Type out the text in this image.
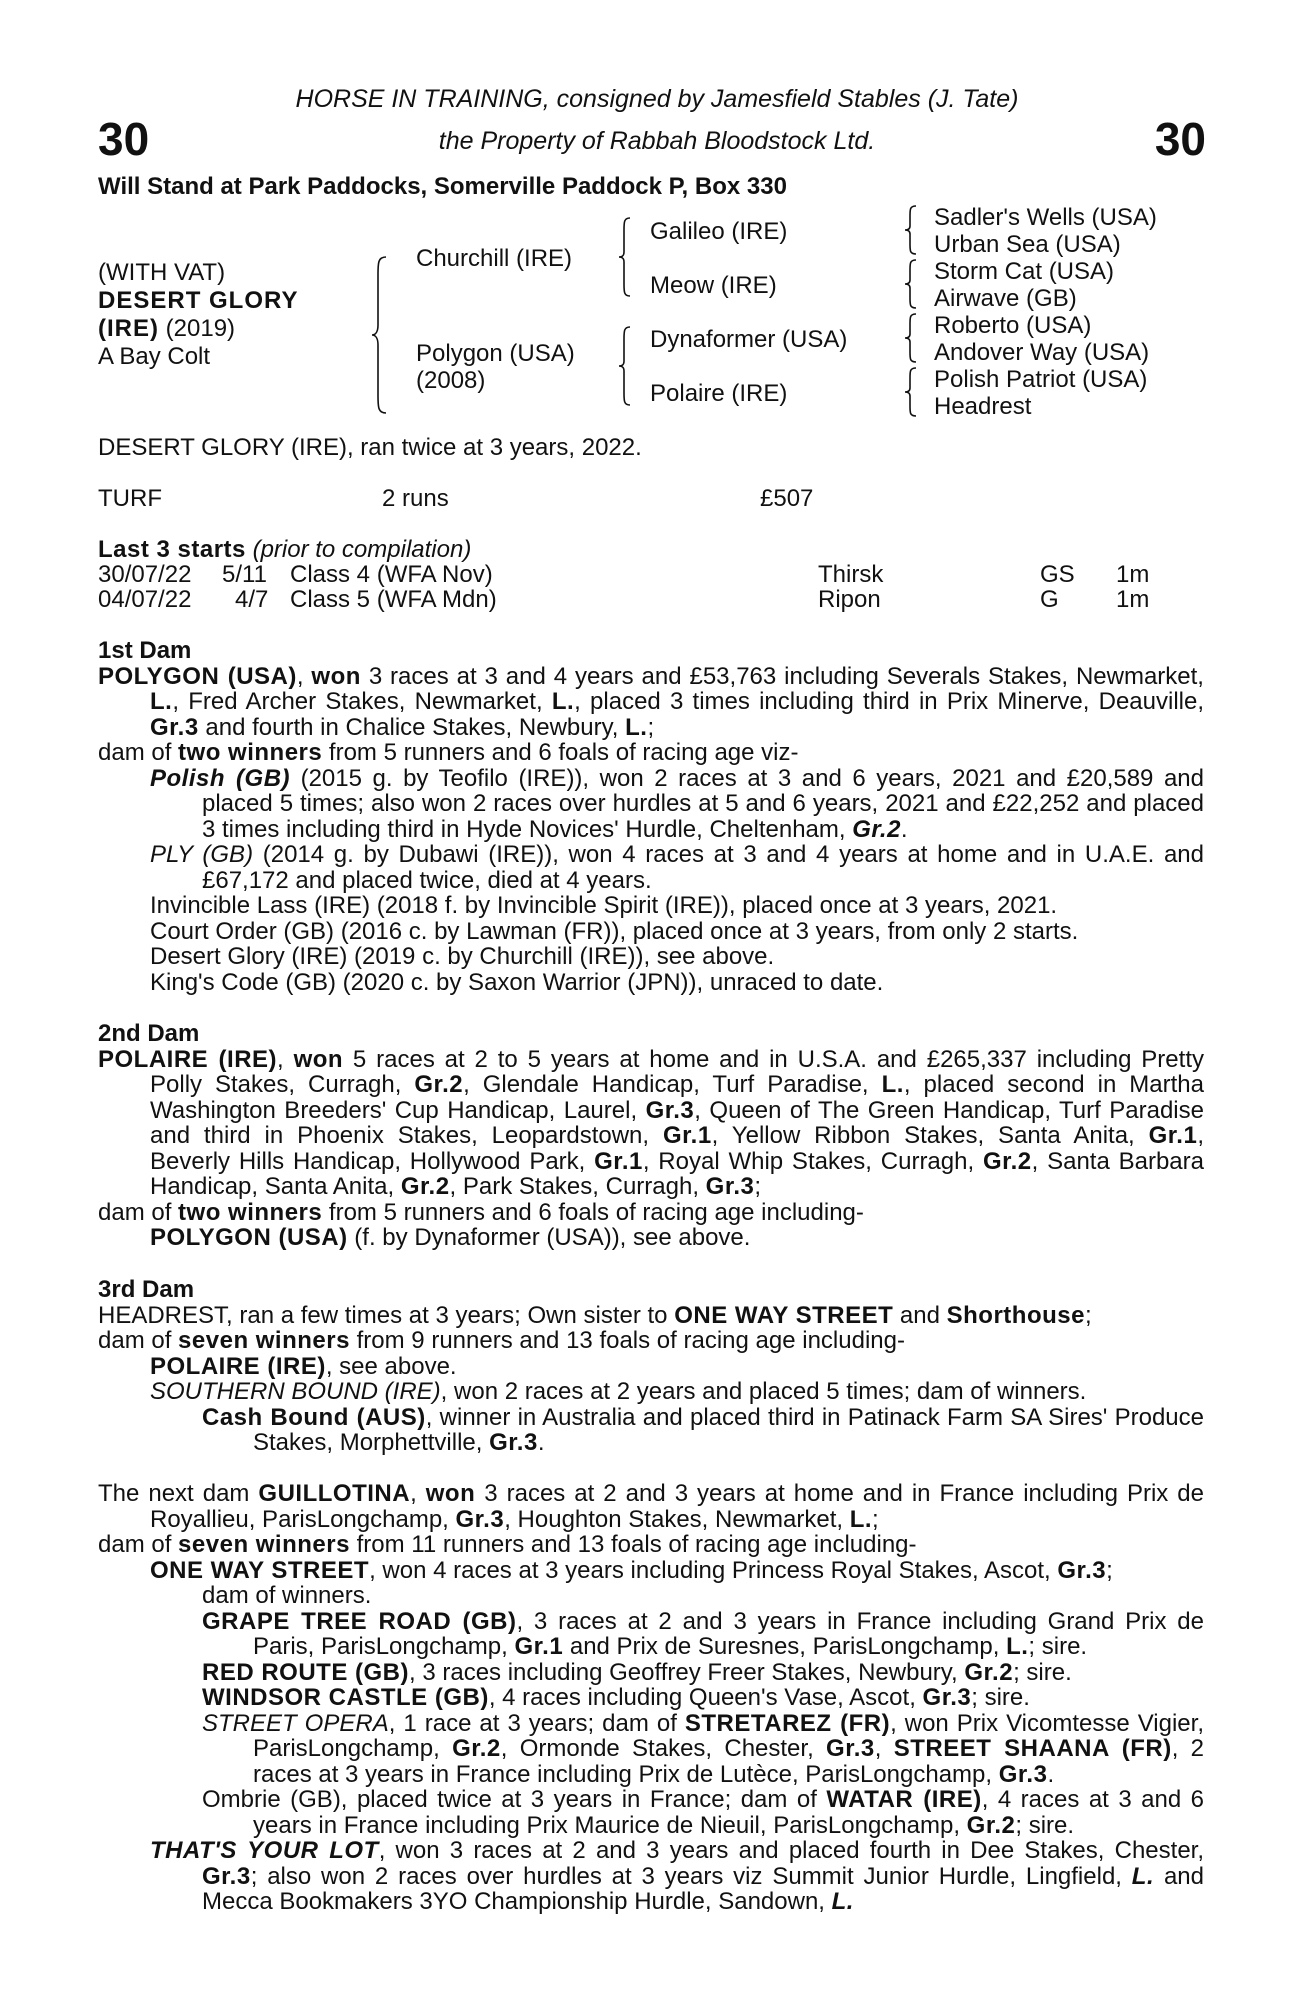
30	30
HORSE IN TRAINING, consigned by Jamesfield Stables (J. Tate)
the Property of Rabbah Bloodstock Ltd.
Will Stand at Park Paddocks, Somerville Paddock P, Box 330
(WITH VAT)
DESERT GLORY
(IRE) (2019)
A Bay Colt
Churchill (IRE)
Polygon (USA)
(2008)
Galileo (IRE)
Meow (IRE)
Dynaformer (USA)
Polaire (IRE)
Sadler's Wells (USA)
Urban Sea (USA)
Storm Cat (USA)
Airwave (GB)
Roberto (USA)
Andover Way (USA)
Polish Patriot (USA)
Headrest
DESERT GLORY (IRE), ran twice at 3 years, 2022.
TURF	2 runs	£507
Last 3 starts (prior to compilation)
30/07/22 5/11 Class 4 (WFA Nov)	Thirsk	GS 1m
04/07/22 4/7 Class 5 (WFA Mdn)	Ripon	G 1m
1st Dam
POLYGON (USA), won 3 races at 3 and 4 years and £53,763 including Severals Stakes, Newmarket, L., Fred Archer Stakes, Newmarket, L., placed 3 times including third in Prix Minerve, Deauville, Gr.3 and fourth in Chalice Stakes, Newbury, L.;
dam of two winners from 5 runners and 6 foals of racing age viz-
Polish (GB) (2015 g. by Teofilo (IRE)), won 2 races at 3 and 6 years, 2021 and £20,589 and placed 5 times; also won 2 races over hurdles at 5 and 6 years, 2021 and £22,252 and placed 3 times including third in Hyde Novices' Hurdle, Cheltenham, Gr.2.
PLY (GB) (2014 g. by Dubawi (IRE)), won 4 races at 3 and 4 years at home and in U.A.E. and £67,172 and placed twice, died at 4 years.
Invincible Lass (IRE) (2018 f. by Invincible Spirit (IRE)), placed once at 3 years, 2021.
Court Order (GB) (2016 c. by Lawman (FR)), placed once at 3 years, from only 2 starts.
Desert Glory (IRE) (2019 c. by Churchill (IRE)), see above.
King's Code (GB) (2020 c. by Saxon Warrior (JPN)), unraced to date.
2nd Dam
POLAIRE (IRE), won 5 races at 2 to 5 years at home and in U.S.A. and £265,337 including Pretty Polly Stakes, Curragh, Gr.2, Glendale Handicap, Turf Paradise, L., placed second in Martha Washington Breeders' Cup Handicap, Laurel, Gr.3, Queen of The Green Handicap, Turf Paradise and third in Phoenix Stakes, Leopardstown, Gr.1, Yellow Ribbon Stakes, Santa Anita, Gr.1, Beverly Hills Handicap, Hollywood Park, Gr.1, Royal Whip Stakes, Curragh, Gr.2, Santa Barbara Handicap, Santa Anita, Gr.2, Park Stakes, Curragh, Gr.3;
dam of two winners from 5 runners and 6 foals of racing age including-
POLYGON (USA) (f. by Dynaformer (USA)), see above.
3rd Dam
HEADREST, ran a few times at 3 years; Own sister to ONE WAY STREET and Shorthouse;
dam of seven winners from 9 runners and 13 foals of racing age including-
POLAIRE (IRE), see above.
SOUTHERN BOUND (IRE), won 2 races at 2 years and placed 5 times; dam of winners.
Cash Bound (AUS), winner in Australia and placed third in Patinack Farm SA Sires' Produce Stakes, Morphettville, Gr.3.
The next dam GUILLOTINA, won 3 races at 2 and 3 years at home and in France including Prix de Royallieu, ParisLongchamp, Gr.3, Houghton Stakes, Newmarket, L.;
dam of seven winners from 11 runners and 13 foals of racing age including-
ONE WAY STREET, won 4 races at 3 years including Princess Royal Stakes, Ascot, Gr.3;
dam of winners.
GRAPE TREE ROAD (GB), 3 races at 2 and 3 years in France including Grand Prix de Paris, ParisLongchamp, Gr.1 and Prix de Suresnes, ParisLongchamp, L.; sire.
RED ROUTE (GB), 3 races including Geoffrey Freer Stakes, Newbury, Gr.2; sire.
WINDSOR CASTLE (GB), 4 races including Queen's Vase, Ascot, Gr.3; sire.
STREET OPERA, 1 race at 3 years; dam of STRETAREZ (FR), won Prix Vicomtesse Vigier, ParisLongchamp, Gr.2, Ormonde Stakes, Chester, Gr.3, STREET SHAANA (FR), 2 races at 3 years in France including Prix de Lutèce, ParisLongchamp, Gr.3.
Ombrie (GB), placed twice at 3 years in France; dam of WATAR (IRE), 4 races at 3 and 6 years in France including Prix Maurice de Nieuil, ParisLongchamp, Gr.2; sire.
THAT'S YOUR LOT, won 3 races at 2 and 3 years and placed fourth in Dee Stakes, Chester, Gr.3; also won 2 races over hurdles at 3 years viz Summit Junior Hurdle, Lingfield, L. and Mecca Bookmakers 3YO Championship Hurdle, Sandown, L.
